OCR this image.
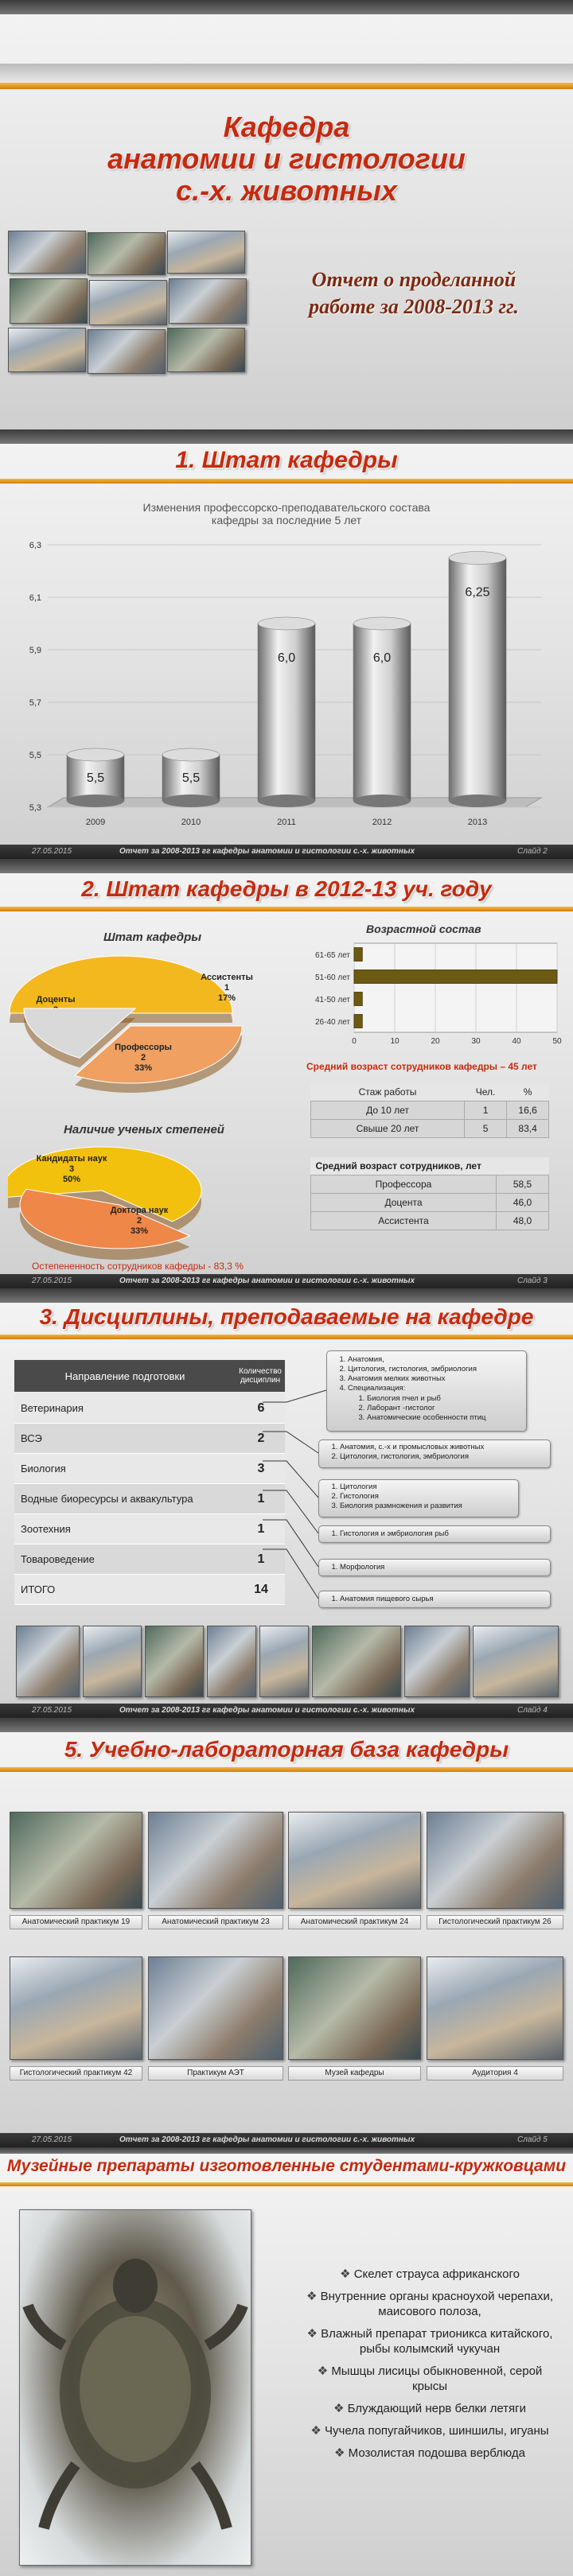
Кафедра
анатомии и гистологии
с.-х. животных
Отчет о проделанной
работе за 2008-2013 гг.
1. Штат кафедры
Изменения профессорско-преподавательского состава кафедры за последние 5 лет
5,3
5,5
5,7
5,9
6,1
6,3
5,5
2009
5,5
2010
6,0
2011
6,0
2012
6,25
2013
27.05.2015	Отчет за 2008-2013 гг кафедры анатомии и гистологии с.-х. животных	Слайд 2
2. Штат кафедры в 2012-13 уч. году
Штат кафедры
Доценты
Профессоры
2
33%
Ассистенты
1
17%
Наличие ученых степеней
Кандидаты наук
3
50%
Доктора наук
2
33%
Остепененность сотрудников кафедры - 83,3 %
Возрастной состав
0	10	20	30	40	50
61-65 лет
51-60 лет
41-50 лет
26-40 лет
Средний возраст сотрудников кафедры – 45 лет
Стаж работы	Чел.	%
До 10 лет	1	16,6
Свыше 20 лет	5	83,4
Средний возраст сотрудников, лет	
Профессора	58,5
Доцента	46,0
Ассистента	48,0
27.05.2015	Отчет за 2008-2013 гг кафедры анатомии и гистологии с.-х. животных	Слайд 3
3. Дисциплины, преподаваемые на кафедре
Направление подготовки	Количество дисциплин
Ветеринария	6
ВСЭ	2
Биология	3
Водные биоресурсы и аквакультура	1
Зоотехния	1
Товароведение	1
ИТОГО	14
1. Анатомия,
2. Цитология, гистология, эмбриология
3. Анатомия мелких животных
4. Специализация:
1. Биология пчел и рыб
2. Лаборант -гистолог
3. Анатомические особенности птиц
1. Анатомия, с.-х и промысловых животных
2. Цитология, гистология, эмбриология
1. Цитология
2. Гистология
3. Биология размножения и развития
1. Гистология и эмбриология рыб
1. Морфология
1. Анатомия пищевого сырья
27.05.2015	Отчет за 2008-2013 гг кафедры анатомии и гистологии с.-х. животных	Слайд 4
5. Учебно-лабораторная база кафедры
Анатомический практикум 19	Анатомический практикум 23	Анатомический практикум 24	Гистологический практикум 26
Гистологический практикум 42	Практикум АЭТ	Музей кафедры	Аудитория 4
27.05.2015	Отчет за 2008-2013 гг кафедры анатомии и гистологии с.-х. животных	Слайд 5
Музейные препараты изготовленные студентами-кружковцами
❖ Скелет страуса африканского
❖ Внутренние органы красноухой черепахи, маисового полоза,
❖ Влажный препарат трионикса китайского, рыбы колымский чукучан
❖ Мышцы лисицы обыкновенной, серой крысы
❖ Блуждающий нерв белки летяги
❖ Чучела попугайчиков, шиншилы, игуаны
❖ Мозолистая подошва верблюда
